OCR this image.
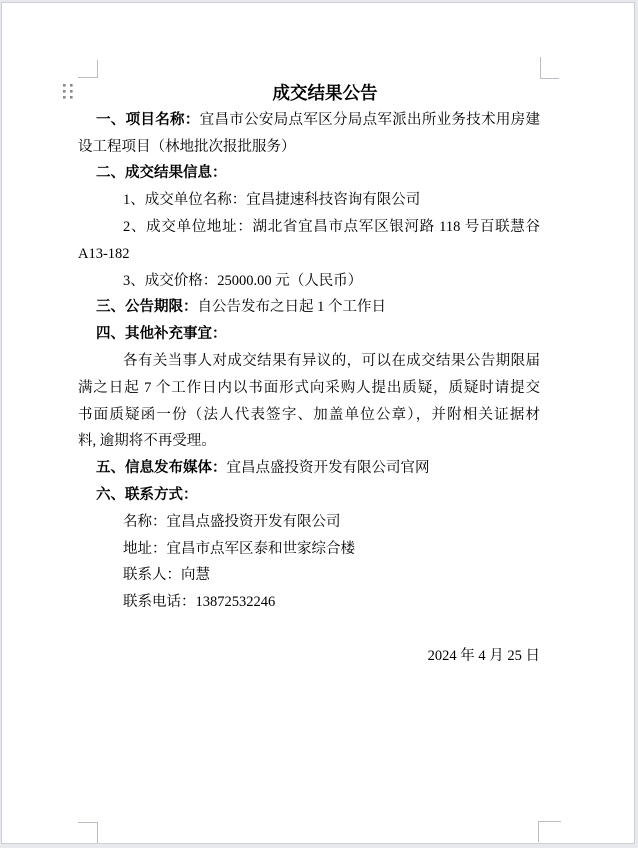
成交结果公告
一、项目名称：宜昌市公安局点军区分局点军派出所业务技术用房建
设工程项目（林地批次报批服务）
二、成交结果信息：
1、成交单位名称：宜昌捷速科技咨询有限公司
2、成交单位地址：湖北省宜昌市点军区银河路 118 号百联慧谷
A13-182
3、成交价格：25000.00 元（人民币）
三、公告期限：自公告发布之日起 1 个工作日
四、其他补充事宜：
各有关当事人对成交结果有异议的，可以在成交结果公告期限届
满之日起 7 个工作日内以书面形式向采购人提出质疑，质疑时请提交
书面质疑函一份（法人代表签字、加盖单位公章），并附相关证据材
料, 逾期将不再受理。
五、信息发布媒体：宜昌点盛投资开发有限公司官网
六、联系方式：
名称：宜昌点盛投资开发有限公司
地址：宜昌市点军区泰和世家综合楼
联系人：向慧
联系电话：13872532246
2024 年 4 月 25 日
